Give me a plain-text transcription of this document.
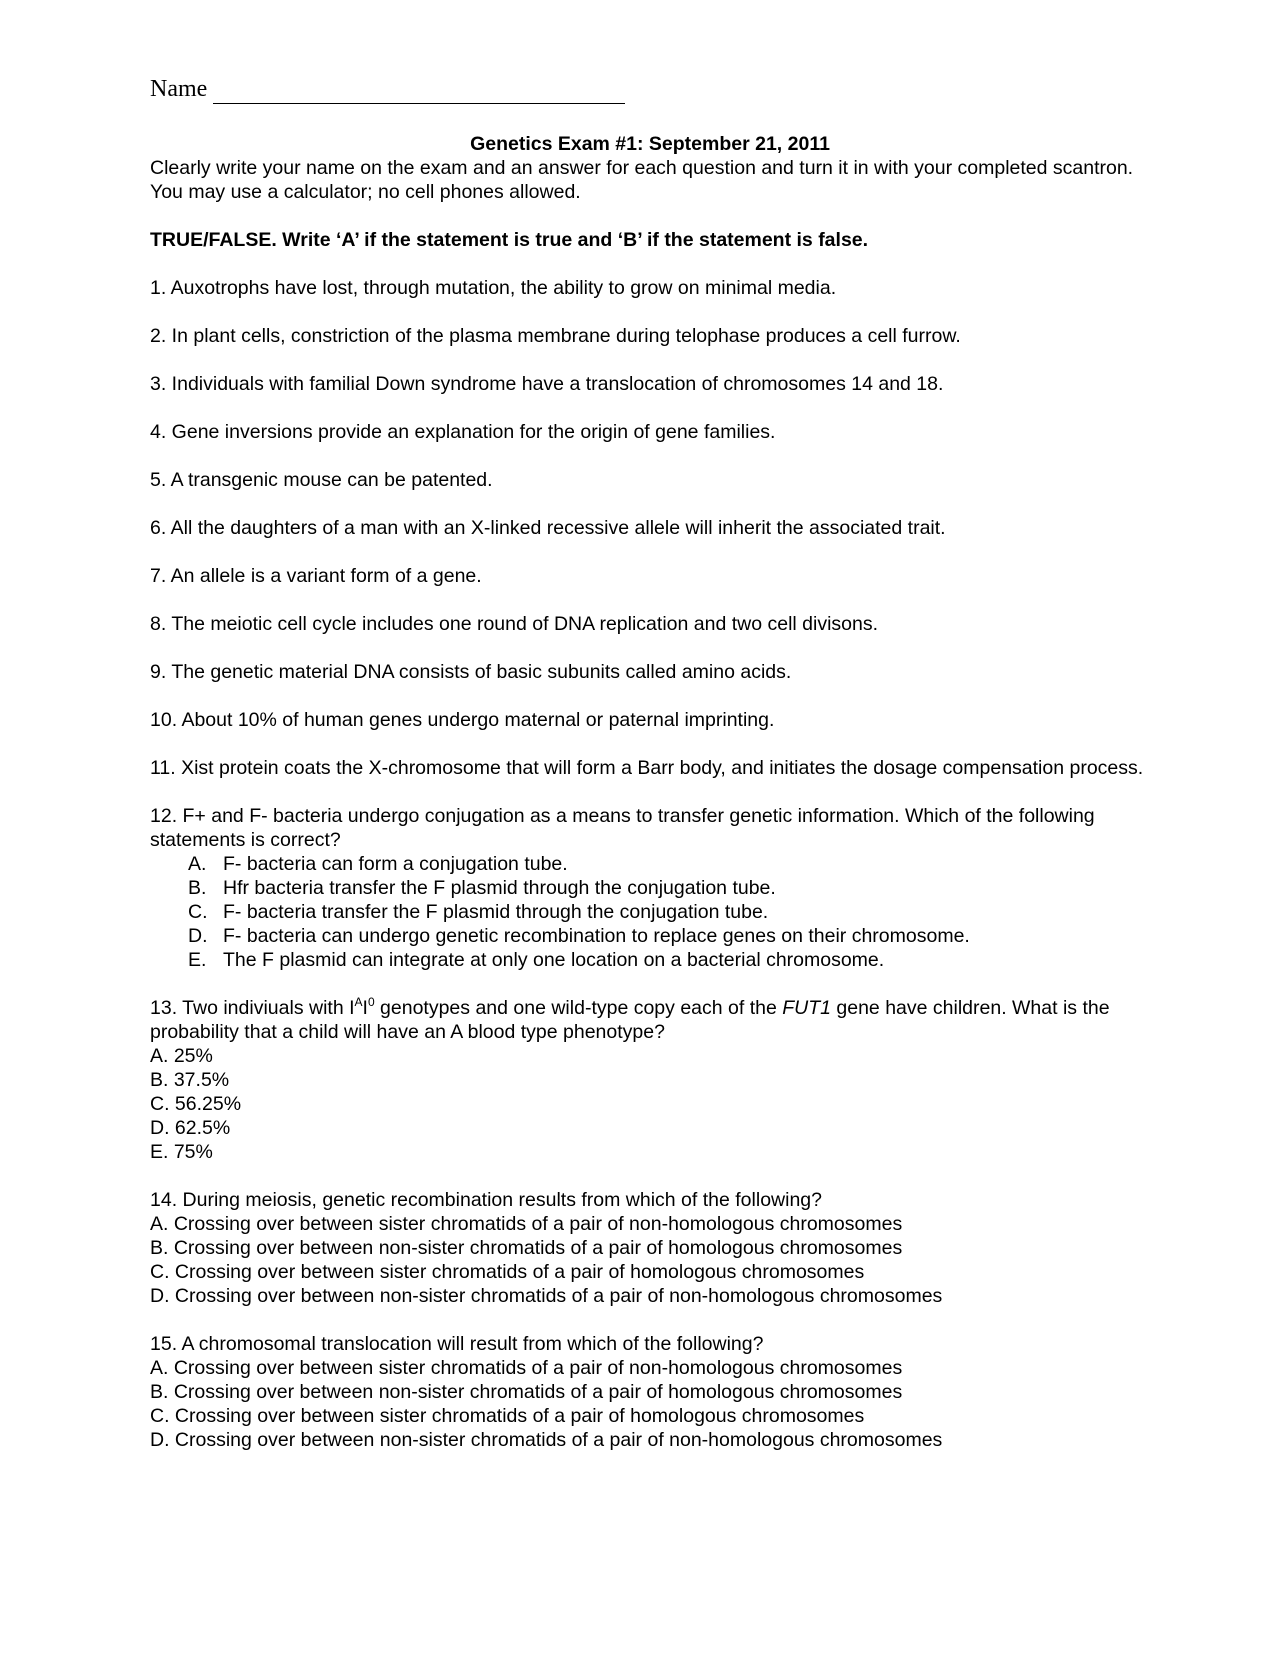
Name

Genetics Exam #1: September 21, 2011

Clearly write your name on the exam and an answer for each question and turn it in with your completed scantron. You may use a calculator; no cell phones allowed.

TRUE/FALSE. Write ‘A’ if the statement is true and ‘B’ if the statement is false.

1. Auxotrophs have lost, through mutation, the ability to grow on minimal media.

2. In plant cells, constriction of the plasma membrane during telophase produces a cell furrow.

3. Individuals with familial Down syndrome have a translocation of chromosomes 14 and 18.

4. Gene inversions provide an explanation for the origin of gene families.

5. A transgenic mouse can be patented.

6. All the daughters of a man with an X-linked recessive allele will inherit the associated trait.

7. An allele is a variant form of a gene.

8. The meiotic cell cycle includes one round of DNA replication and two cell divisons.

9. The genetic material DNA consists of basic subunits called amino acids.

10. About 10% of human genes undergo maternal or paternal imprinting.

11. Xist protein coats the X-chromosome that will form a Barr body, and initiates the dosage compensation process.

12. F+ and F- bacteria undergo conjugation as a means to transfer genetic information. Which of the following statements is correct?
A. F- bacteria can form a conjugation tube.
B. Hfr bacteria transfer the F plasmid through the conjugation tube.
C. F- bacteria transfer the F plasmid through the conjugation tube.
D. F- bacteria can undergo genetic recombination to replace genes on their chromosome.
E. The F plasmid can integrate at only one location on a bacterial chromosome.
13. Two indiviuals with $I^AI^0$ genotypes and one wild-type copy each of the FUT1 gene have children. What is the probability that a child will have an A blood type phenotype?
A. 25%
B. 37.5%
C. 56.25%
D. 62.5%
E. 75%
14. During meiosis, genetic recombination results from which of the following?
A. Crossing over between sister chromatids of a pair of non-homologous chromosomes
B. Crossing over between non-sister chromatids of a pair of homologous chromosomes
C. Crossing over between sister chromatids of a pair of homologous chromosomes
D. Crossing over between non-sister chromatids of a pair of non-homologous chromosomes
15. A chromosomal translocation will result from which of the following?
A. Crossing over between sister chromatids of a pair of non-homologous chromosomes
B. Crossing over between non-sister chromatids of a pair of homologous chromosomes
C. Crossing over between sister chromatids of a pair of homologous chromosomes
D. Crossing over between non-sister chromatids of a pair of non-homologous chromosomes
